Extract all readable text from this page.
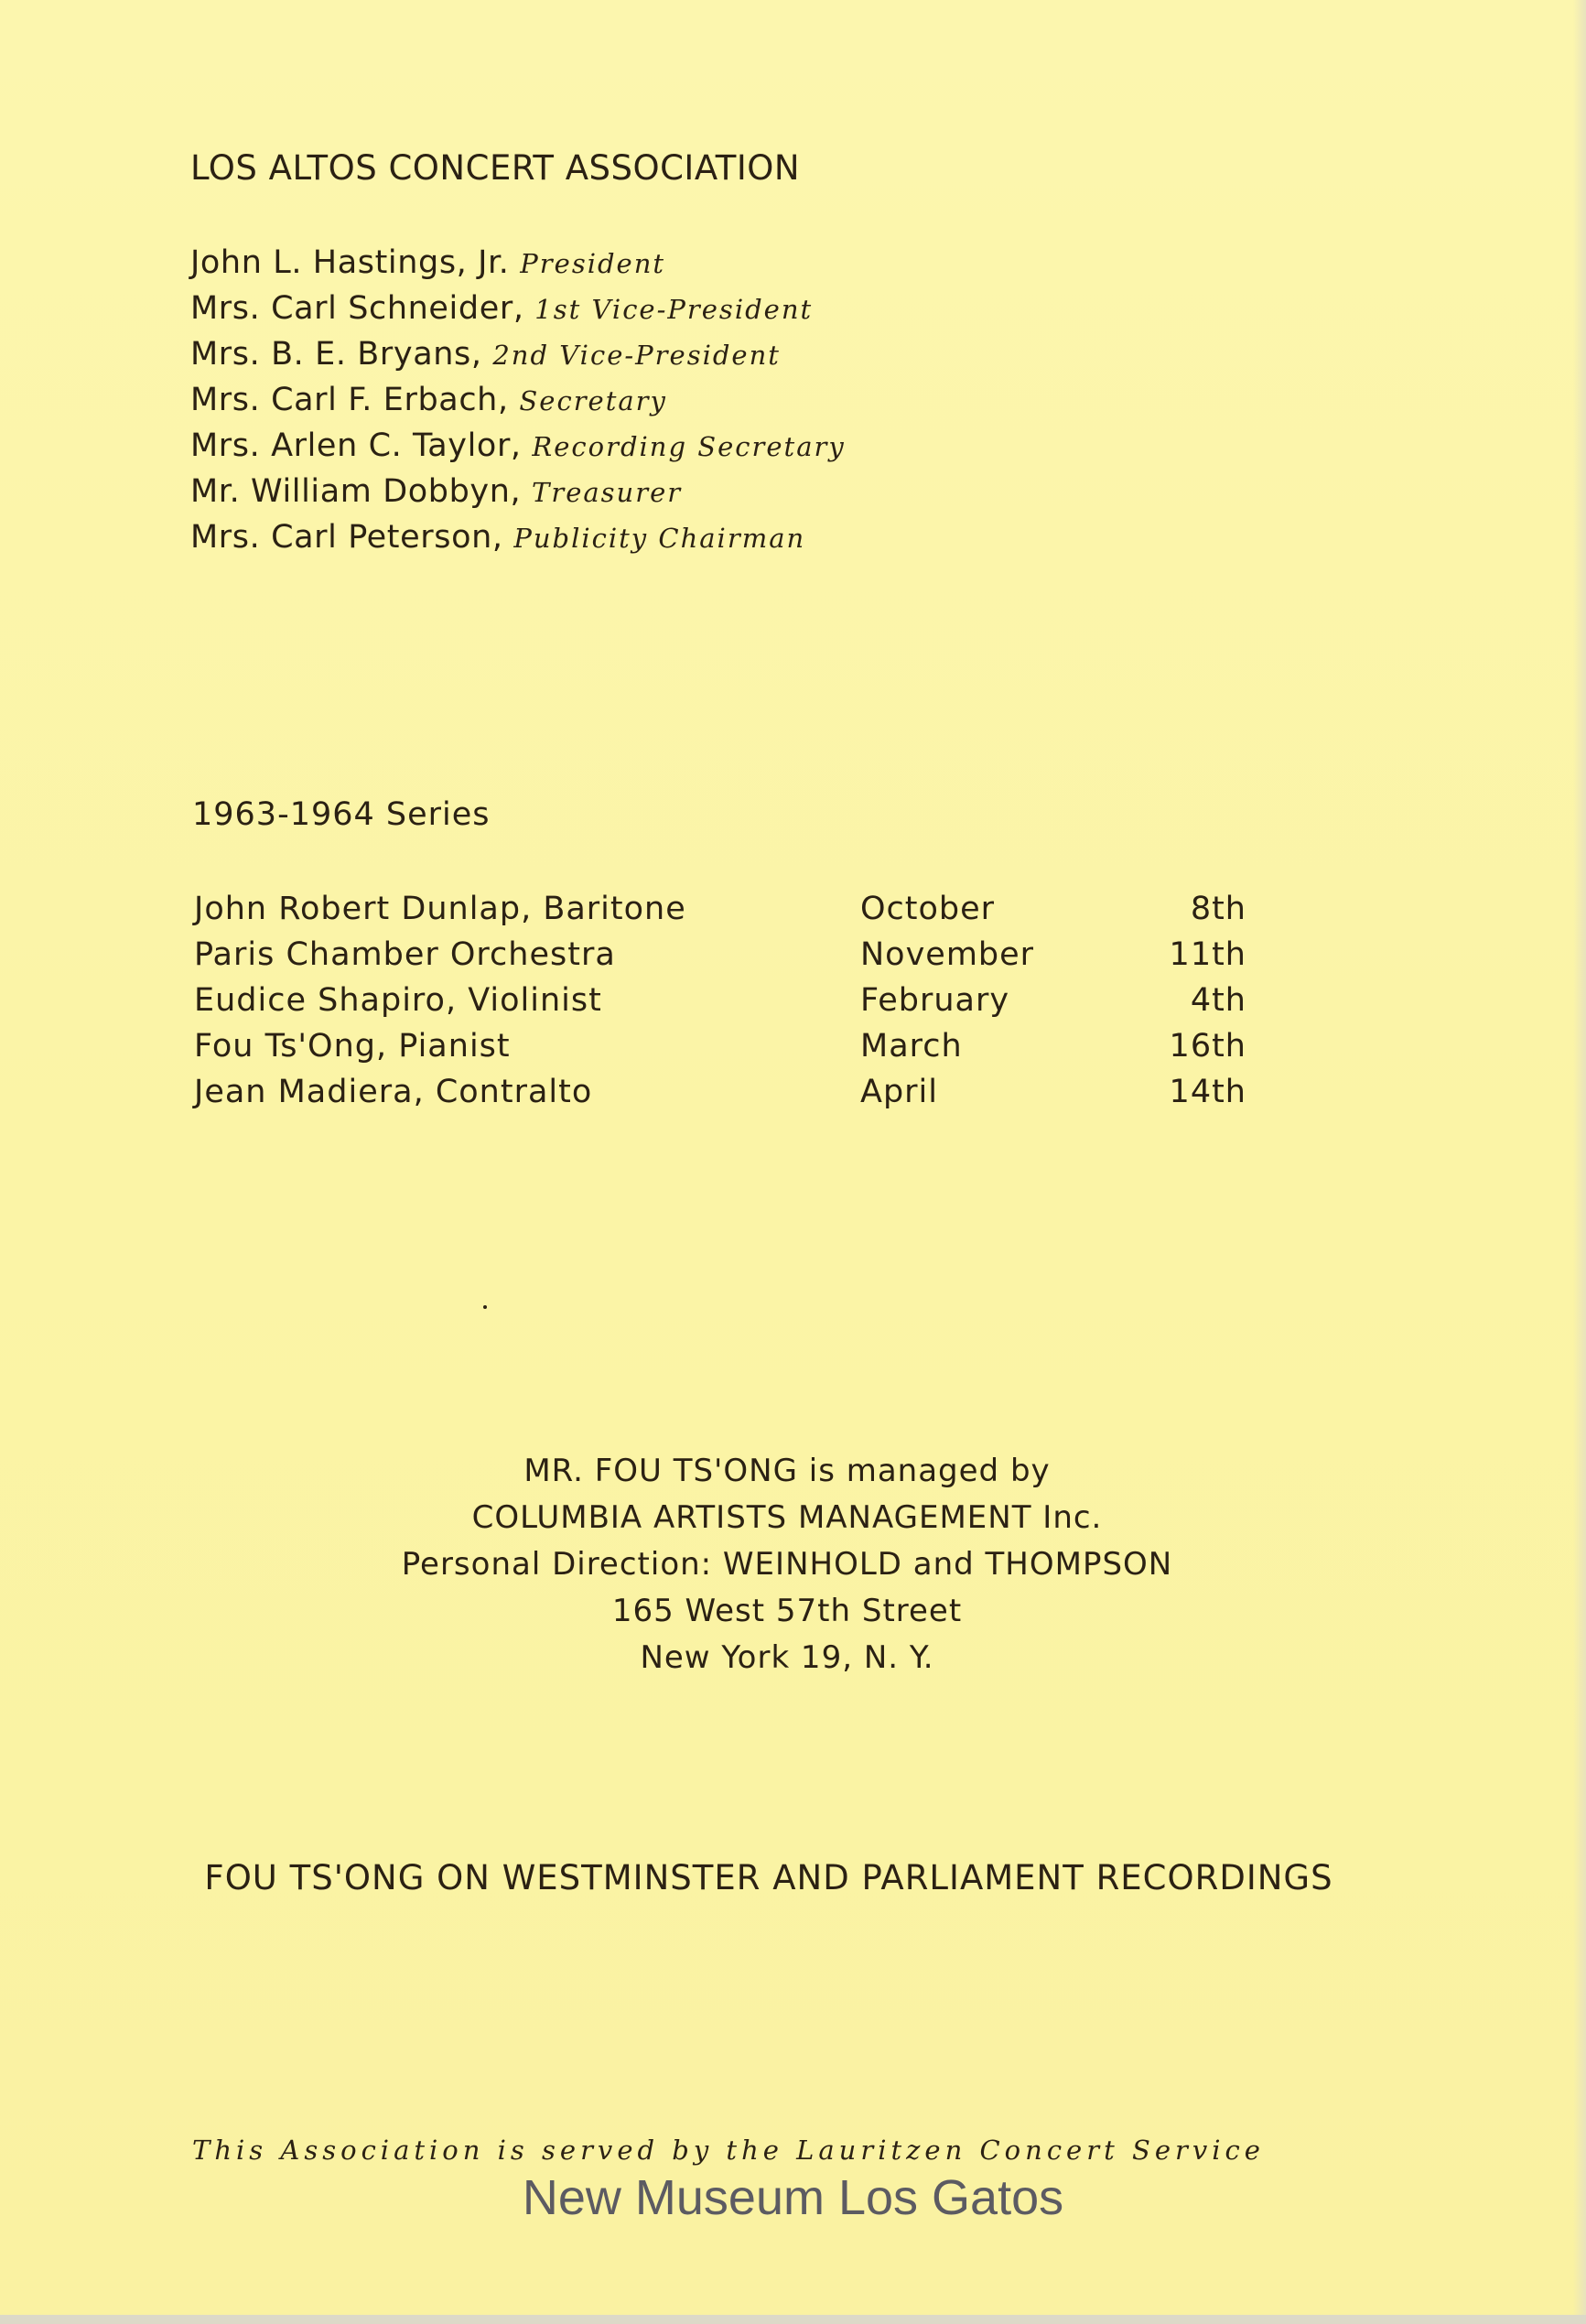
LOS ALTOS CONCERT ASSOCIATION
John L. Hastings, Jr. President
Mrs. Carl Schneider, 1st Vice-President
Mrs. B. E. Bryans, 2nd Vice-President
Mrs. Carl F. Erbach, Secretary
Mrs. Arlen C. Taylor, Recording Secretary
Mr. William Dobbyn, Treasurer
Mrs. Carl Peterson, Publicity Chairman
1963-1964 Series
John Robert Dunlap, Baritone	October	8th
Paris Chamber Orchestra	November	11th
Eudice Shapiro, Violinist	February	4th
Fou Ts'Ong, Pianist	March	16th
Jean Madiera, Contralto	April	14th
MR. FOU TS'ONG is managed by
COLUMBIA ARTISTS MANAGEMENT Inc.
Personal Direction: WEINHOLD and THOMPSON
165 West 57th Street
New York 19, N. Y.
FOU TS'ONG ON WESTMINSTER AND PARLIAMENT RECORDINGS
This Association is served by the Lauritzen Concert Service
New Museum Los Gatos
